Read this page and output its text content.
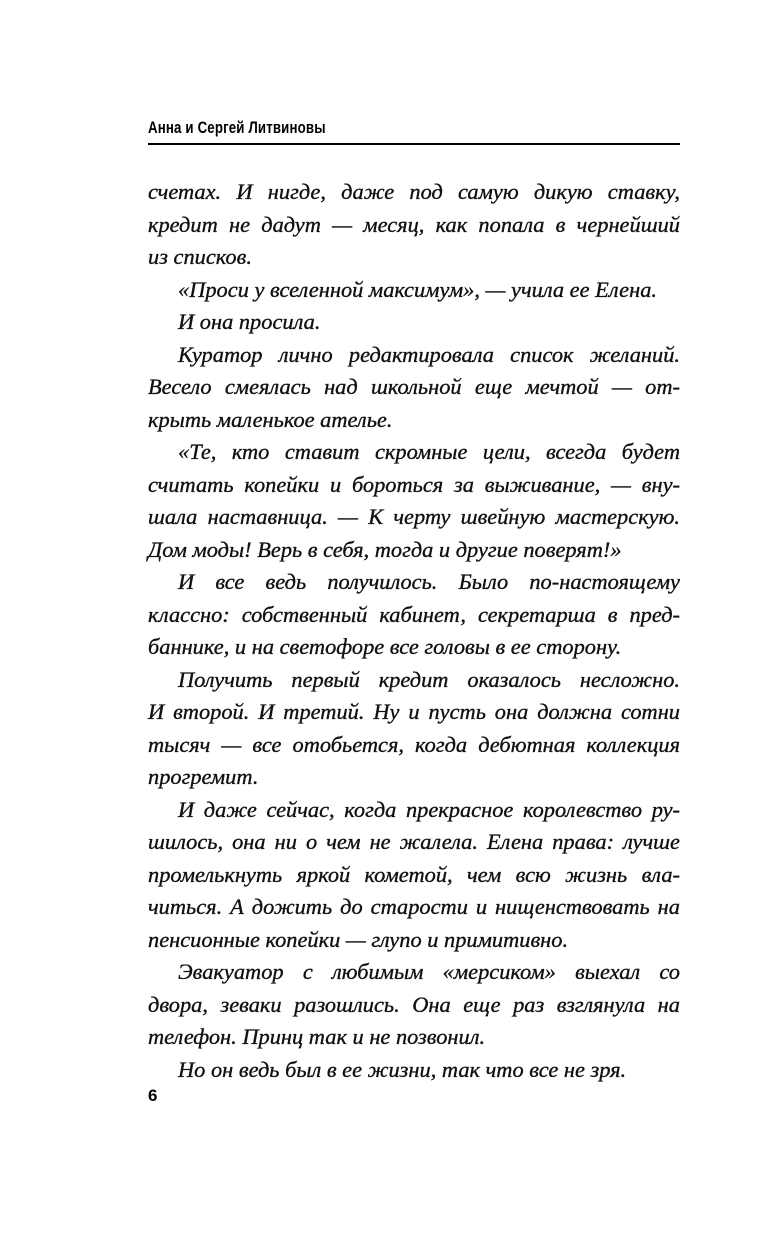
Анна и Сергей Литвиновы
счетах. И нигде, даже под самую дикую ставку,
кредит не дадут — месяц, как попала в чернейший
из списков.
«Проси у вселенной максимум», — учила ее Елена.
И она просила.
Куратор лично редактировала список желаний.
Весело смеялась над школьной еще мечтой — от-
крыть маленькое ателье.
«Те, кто ставит скромные цели, всегда будет
считать копейки и бороться за выживание, — вну-
шала наставница. — К черту швейную мастерскую.
Дом моды! Верь в себя, тогда и другие поверят!»
И все ведь получилось. Было по-настоящему
классно: собственный кабинет, секретарша в пред-
баннике, и на светофоре все головы в ее сторону.
Получить первый кредит оказалось несложно.
И второй. И третий. Ну и пусть она должна сотни
тысяч — все отобьется, когда дебютная коллекция
прогремит.
И даже сейчас, когда прекрасное королевство ру-
шилось, она ни о чем не жалела. Елена права: лучше
промелькнуть яркой кометой, чем всю жизнь вла-
читься. А дожить до старости и нищенствовать на
пенсионные копейки — глупо и примитивно.
Эвакуатор с любимым «мерсиком» выехал со
двора, зеваки разошлись. Она еще раз взглянула на
телефон. Принц так и не позвонил.
Но он ведь был в ее жизни, так что все не зря.
6
